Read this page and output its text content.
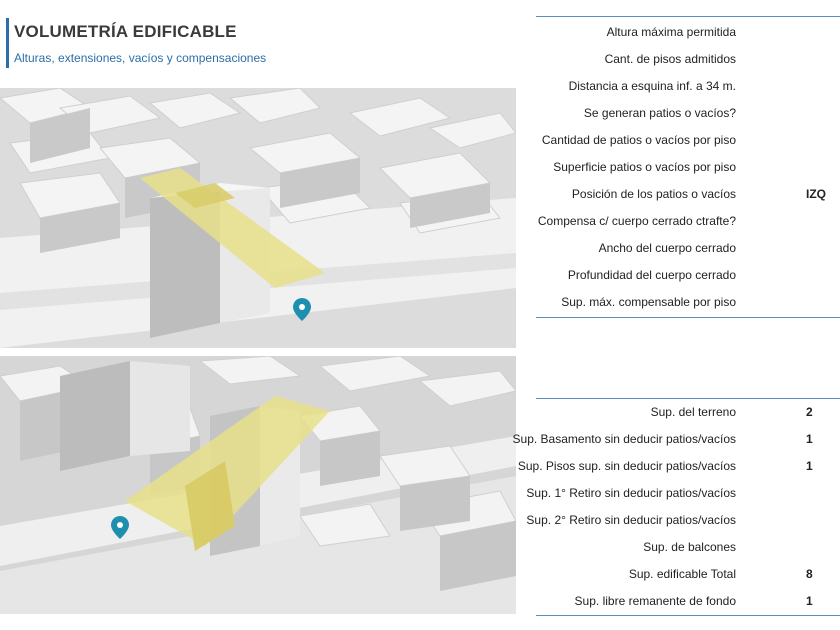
VOLUMETRÍA EDIFICABLE
Alturas, extensiones, vacíos y compensaciones
Altura máxima permitida
Cant. de pisos admitidos
Distancia a esquina inf. a 34 m.
Se generan patios o vacíos?
Cantidad de patios o vacíos por piso
Superficie patios o vacíos por piso
Posición de los patios o vacíos	IZQ
Compensa c/ cuerpo cerrado ctrafte?
Ancho del cuerpo cerrado
Profundidad del cuerpo cerrado
Sup. máx. compensable por piso
Sup. del terreno	2
Sup. Basamento sin deducir patios/vacíos	1
Sup. Pisos sup. sin deducir patios/vacíos	1
Sup. 1° Retiro sin deducir patios/vacíos
Sup. 2° Retiro sin deducir patios/vacíos
Sup. de balcones
Sup. edificable Total	8
Sup. libre remanente de fondo	1
